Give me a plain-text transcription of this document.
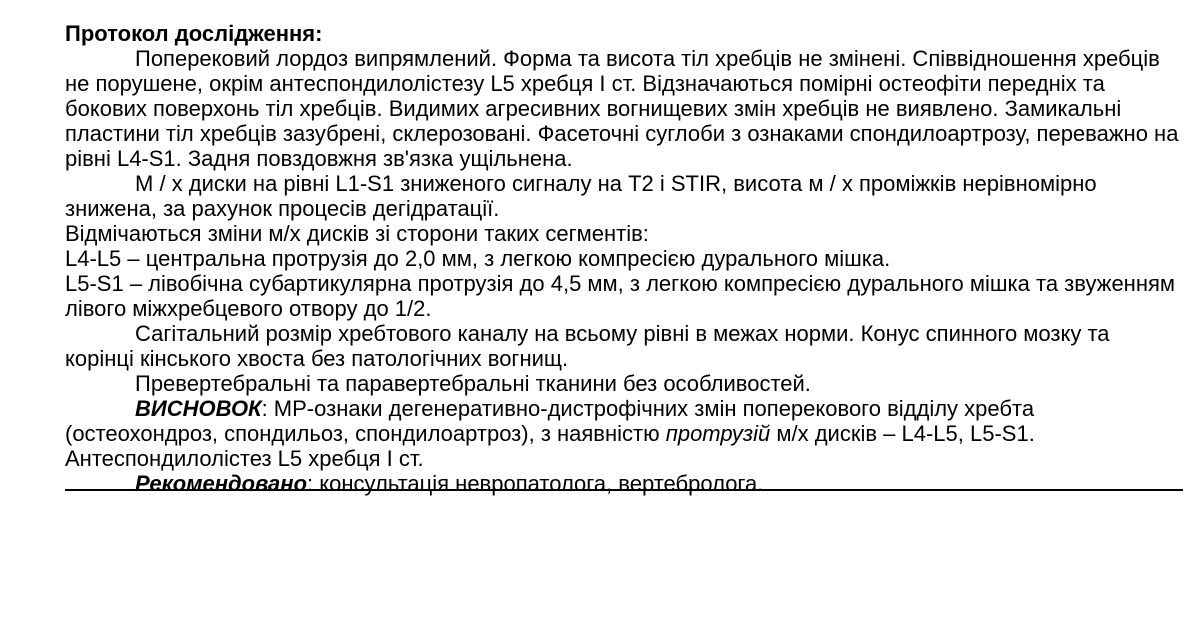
Протокол дослідження:

Поперековий лордоз випрямлений. Форма та висота тіл хребців не змінені. Співвідношення хребців не порушене, окрім антеспондилолістезу L5 хребця I ст. Відзначаються помірні остеофіти передніх та бокових поверхонь тіл хребців. Видимих агресивних вогнищевих змін хребців не виявлено. Замикальні пластини тіл хребців зазубрені, склерозовані. Фасеточні суглоби з ознаками спондилоартрозу, переважно на рівні L4-S1. Задня повздовжня зв'язка ущільнена.

М / х диски на рівні L1-S1 зниженого сигналу на Т2 і STIR, висота м / х проміжків нерівномірно знижена, за рахунок процесів дегідратації.

Відмічаються зміни м/х дисків зі сторони таких сегментів:

L4-L5 – центральна протрузія до 2,0 мм, з легкою компресією дурального мішка.

L5-S1 – лівобічна субартикулярна протрузія до 4,5 мм, з легкою компресією дурального мішка та звуженням лівого міжхребцевого отвору до 1/2.

Сагітальний розмір хребтового каналу на всьому рівні в межах норми. Конус спинного мозку та корінці кінського хвоста без патологічних вогнищ.

Превертебральні та паравертебральні тканини без особливостей.

ВИСНОВОК: МР-ознаки дегенеративно-дистрофічних змін поперекового відділу хребта (остеохондроз, спондильоз, спондилоартроз), з наявністю протрузій м/х дисків – L4-L5, L5-S1. Антеспондилолістез L5 хребця I ст.

Рекомендовано: консультація невропатолога, вертебролога.
